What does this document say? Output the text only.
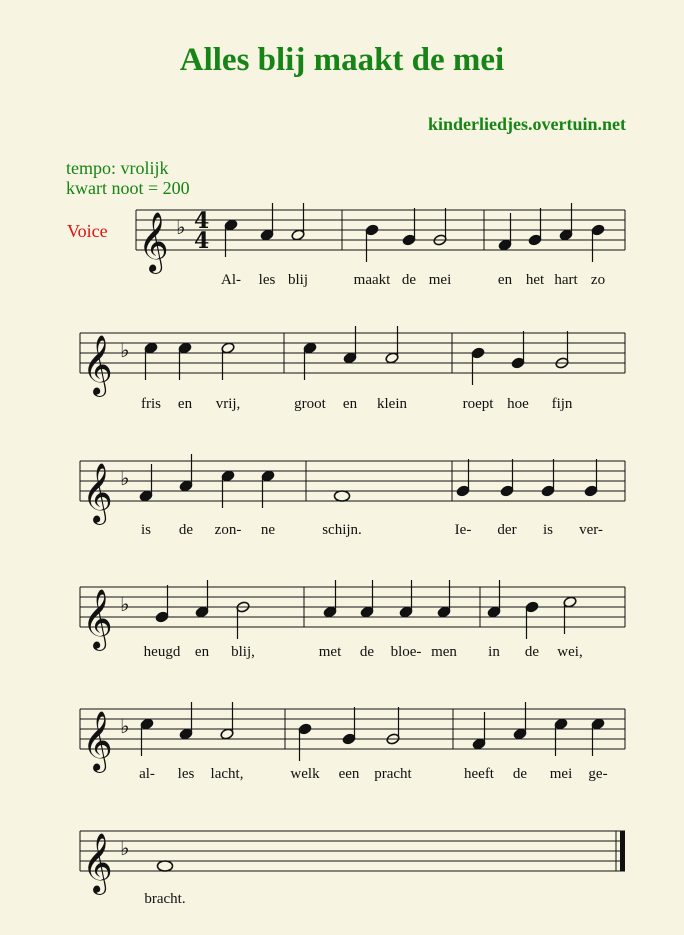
Alles blij maakt de mei
kinderliedjes.overtuin.net
tempo: vrolijk
kwart noot = 200
Voice 𝄞 ♭ 4
4
Al- les blij	maakt de mei	en het hart zo
𝄞 ♭
fris en vrij,	groot en klein	roept hoe fijn
𝄞 ♭
is de zon- ne	schijn.	Ie- der is ver-
𝄞 ♭
heugd en blij,	met de bloe- men in de wei,
𝄞 ♭
al- les lacht,	welk een pracht	heeft de mei ge-
𝄞 ♭
bracht.
